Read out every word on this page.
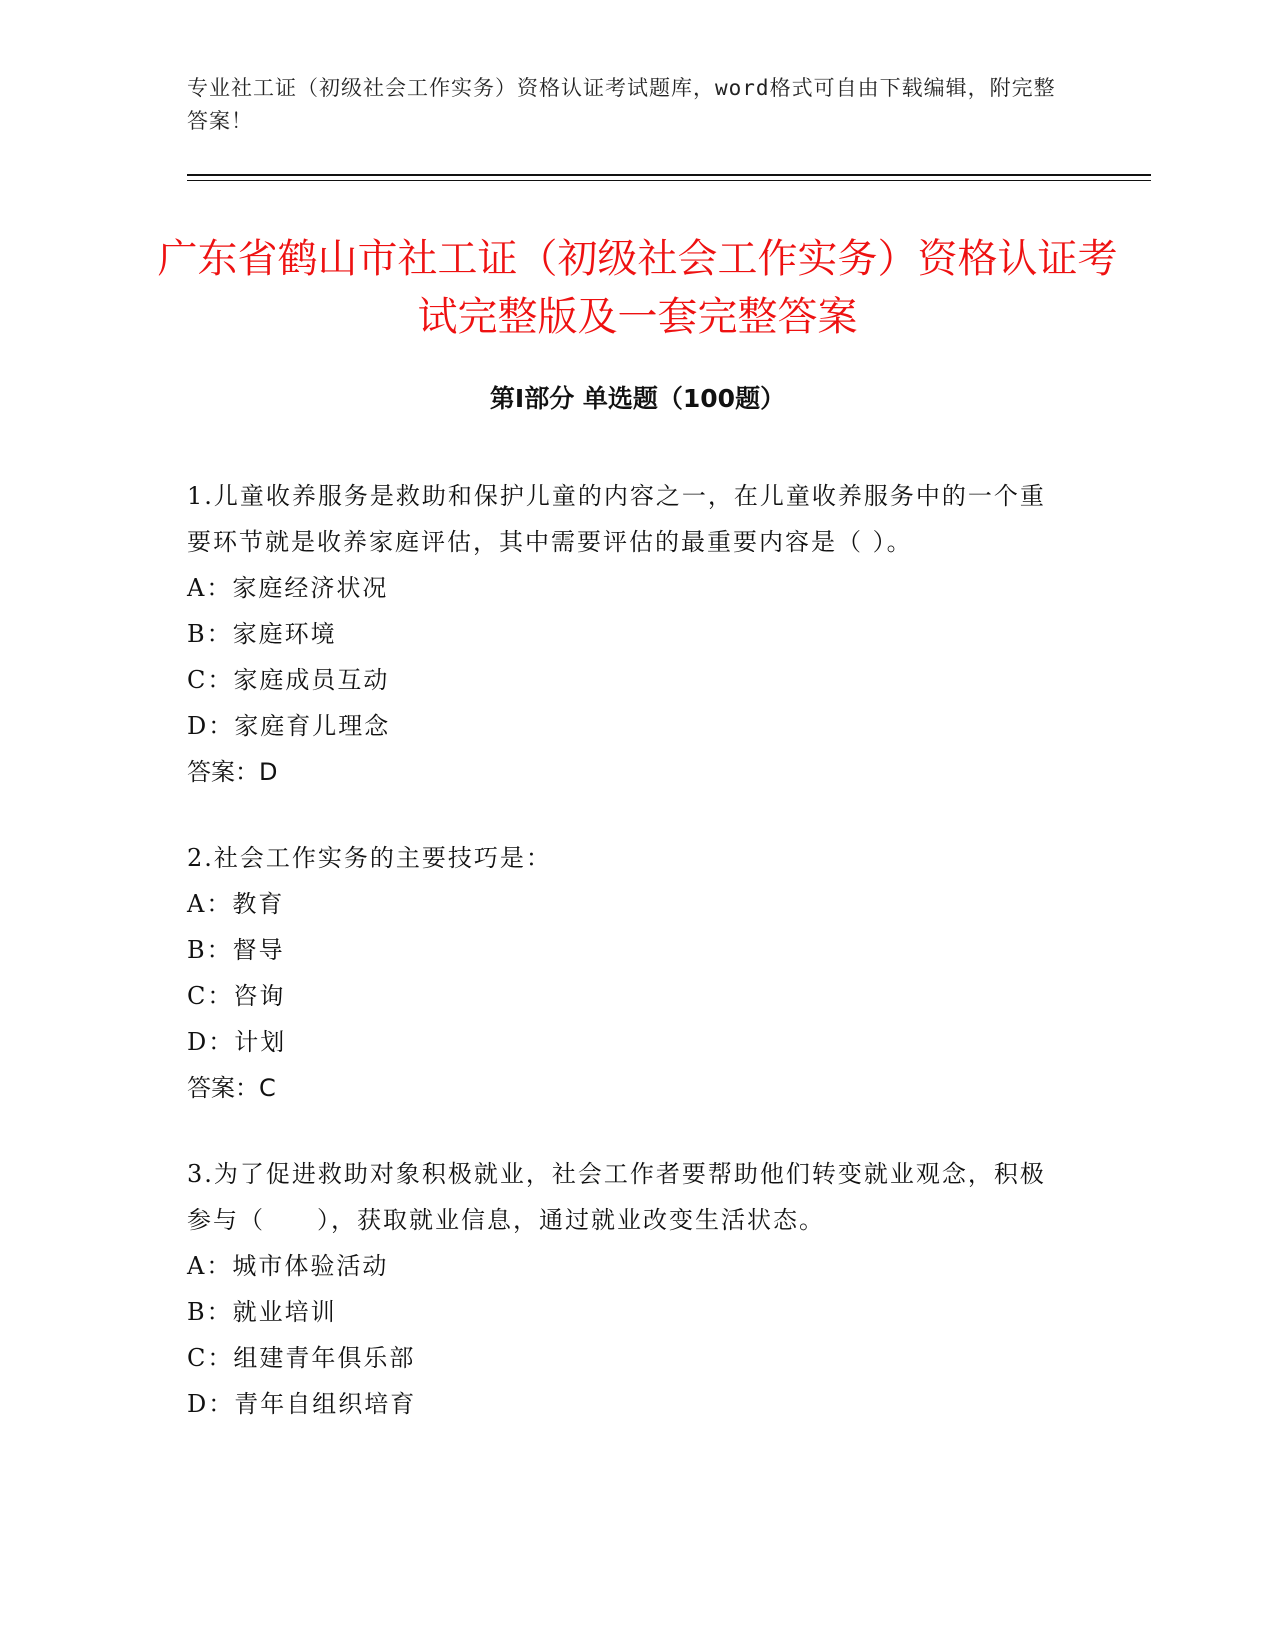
专业社工证（初级社会工作实务）资格认证考试题库，word格式可自由下载编辑，附完整答案！
广东省鹤山市社工证（初级社会工作实务）资格认证考试完整版及一套完整答案
第Ⅰ部分 单选题（100题）

1.儿童收养服务是救助和保护儿童的内容之一，在儿童收养服务中的一个重要环节就是收养家庭评估，其中需要评估的最重要内容是（ ）。

A：家庭经济状况

B：家庭环境

C：家庭成员互动

D：家庭育儿理念

答案：D

2.社会工作实务的主要技巧是：

A：教育

B：督导

C：咨询

D：计划

答案：C

3.为了促进救助对象积极就业，社会工作者要帮助他们转变就业观念，积极参与（　　），获取就业信息，通过就业改变生活状态。

A：城市体验活动

B：就业培训

C：组建青年俱乐部

D：青年自组织培育
